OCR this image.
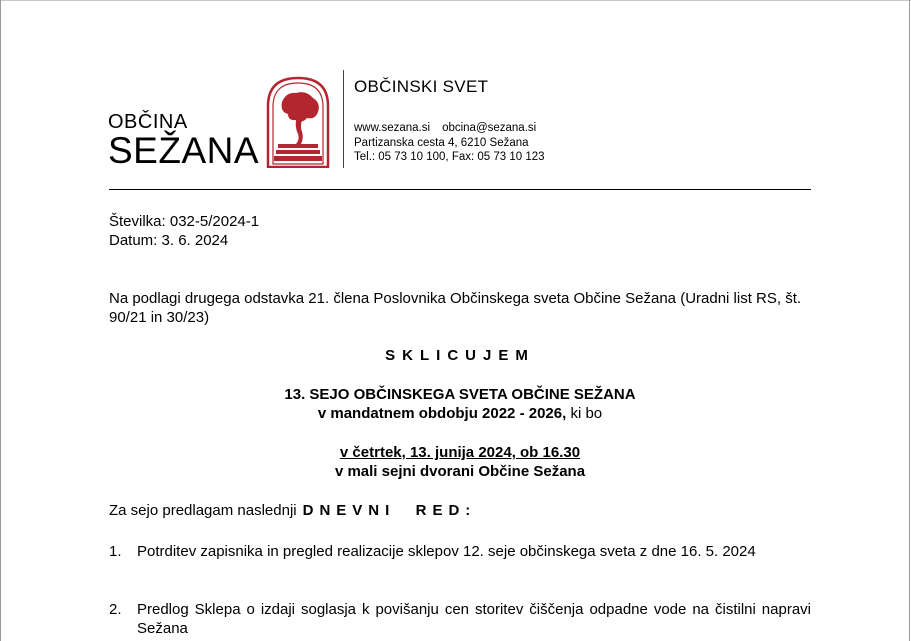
OBČINA
SEŽANA
OBČINSKI SVET
www.sezana.si obcina@sezana.si
Partizanska cesta 4, 6210 Sežana
Tel.: 05 73 10 100, Fax: 05 73 10 123
Številka: 032-5/2024-1
Datum: 3. 6. 2024
Na podlagi drugega odstavka 21. člena Poslovnika Občinskega sveta Občine Sežana (Uradni list RS, št. 90/21 in 30/23)
SKLICUJEM
13. SEJO OBČINSKEGA SVETA OBČINE SEŽANA
v mandatnem obdobju 2022 - 2026, ki bo
v četrtek, 13. junija 2024, ob 16.30
v mali sejni dvorani Občine Sežana
Za sejo predlagam naslednji DNEVNI  RED:
1. Potrditev zapisnika in pregled realizacije sklepov 12. seje občinskega sveta z dne 16. 5. 2024
2. Predlog Sklepa o izdaji soglasja k povišanju cen storitev čiščenja odpadne vode na čistilni napravi Sežana
